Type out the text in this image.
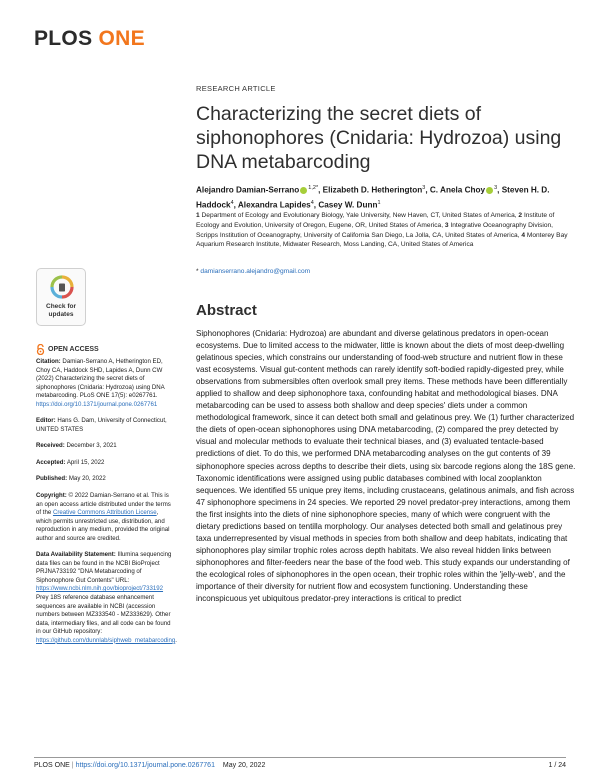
PLOS ONE
RESEARCH ARTICLE
Characterizing the secret diets of siphonophores (Cnidaria: Hydrozoa) using DNA metabarcoding
Alejandro Damian-Serrano $^{1,2*}$, Elizabeth D. Hetherington$^3$, C. Anela Choy $^3$, Steven H. D. Haddock$^4$, Alexandra Lapides$^4$, Casey W. Dunn$^1$
1 Department of Ecology and Evolutionary Biology, Yale University, New Haven, CT, United States of America, 2 Institute of Ecology and Evolution, University of Oregon, Eugene, OR, United States of America, 3 Integrative Oceanography Division, Scripps Institution of Oceanography, University of California San Diego, La Jolla, CA, United States of America, 4 Monterey Bay Aquarium Research Institute, Midwater Research, Moss Landing, CA, United States of America
* damianserrano.alejandro@gmail.com
Abstract

Siphonophores (Cnidaria: Hydrozoa) are abundant and diverse gelatinous predators in open-ocean ecosystems. Due to limited access to the midwater, little is known about the diets of most deep-dwelling gelatinous species, which constrains our understanding of food-web structure and nutrient flow in these vast ecosystems. Visual gut-content methods can rarely identify soft-bodied rapidly-digested prey, while observations from submersibles often overlook small prey items. These methods have been differentially applied to shallow and deep siphonophore taxa, confounding habitat and methodological biases. DNA metabarcoding can be used to assess both shallow and deep species' diets under a common methodological framework, since it can detect both small and gelatinous prey. We (1) further characterized the diets of open-ocean siphonophores using DNA metabarcoding, (2) compared the prey detected by visual and molecular methods to evaluate their technical biases, and (3) evaluated tentacle-based predictions of diet. To do this, we performed DNA metabarcoding analyses on the gut contents of 39 siphonophore species across depths to describe their diets, using six barcode regions along the 18S gene. Taxonomic identifications were assigned using public databases combined with local zooplankton sequences. We identified 55 unique prey items, including crustaceans, gelatinous animals, and fish across 47 siphonophore specimens in 24 species. We reported 29 novel predator-prey interactions, among them the first insights into the diets of nine siphonophore species, many of which were congruent with the dietary predictions based on tentilla morphology. Our analyses detected both small and gelatinous prey taxa underrepresented by visual methods in species from both shallow and deep habitats, indicating that siphonophores play similar trophic roles across depth habitats. We also reveal hidden links between siphonophores and filter-feeders near the base of the food web. This study expands our understanding of the ecological roles of siphonophores in the open ocean, their trophic roles within the 'jelly-web', and the importance of their diversity for nutrient flow and ecosystem functioning. Understanding these inconspicuous yet ubiquitous predator-prey interactions is critical to predict

Check for
updates
OPEN ACCESS
Citation: Damian-Serrano A, Hetherington ED, Choy CA, Haddock SHD, Lapides A, Dunn CW (2022) Characterizing the secret diets of siphonophores (Cnidaria: Hydrozoa) using DNA metabarcoding. PLoS ONE 17(5): e0267761. https://doi.org/10.1371/journal.pone.0267761
Editor: Hans G. Dam, University of Connecticut, UNITED STATES
Received: December 3, 2021
Accepted: April 15, 2022
Published: May 20, 2022
Copyright: © 2022 Damian-Serrano et al. This is an open access article distributed under the terms of the Creative Commons Attribution License, which permits unrestricted use, distribution, and reproduction in any medium, provided the original author and source are credited.
Data Availability Statement: Illumina sequencing data files can be found in the NCBI BioProject PRJNA733192 "DNA Metabarcoding of Siphonophore Gut Contents" URL: https://www.ncbi.nlm.nih.gov/bioproject/733192 Prey 18S reference database enhancement sequences are available in NCBI (accession numbers between MZ333540 - MZ333629). Other data, intermediary files, and all code can be found in our GitHub repository: https://github.com/dunnlab/siphweb_metabarcoding.
PLOS ONE | https://doi.org/10.1371/journal.pone.0267761 May 20, 2022	1 / 24
